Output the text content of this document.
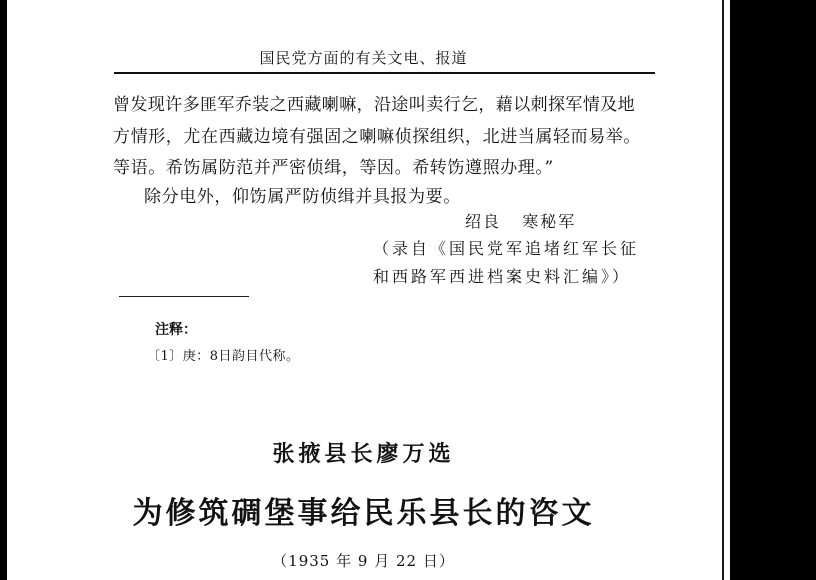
国民党方面的有关文电、报道
曾发现许多匪军乔装之西藏喇嘛，沿途叫卖行乞，藉以刺探军情及地
方情形，尤在西藏边境有强固之喇嘛侦探组织，北进当属轻而易举。
等语。希饬属防范并严密侦缉，等因。希转饬遵照办理。”
除分电外，仰饬属严防侦缉并具报为要。
绍良   寒秘军
（录自《国民党军追堵红军长征
和西路军西进档案史料汇编》）
注释：
〔1〕庚：8日韵目代称。
张掖县长廖万选
为修筑碉堡事给民乐县长的咨文
（1935 年 9 月 22 日）
